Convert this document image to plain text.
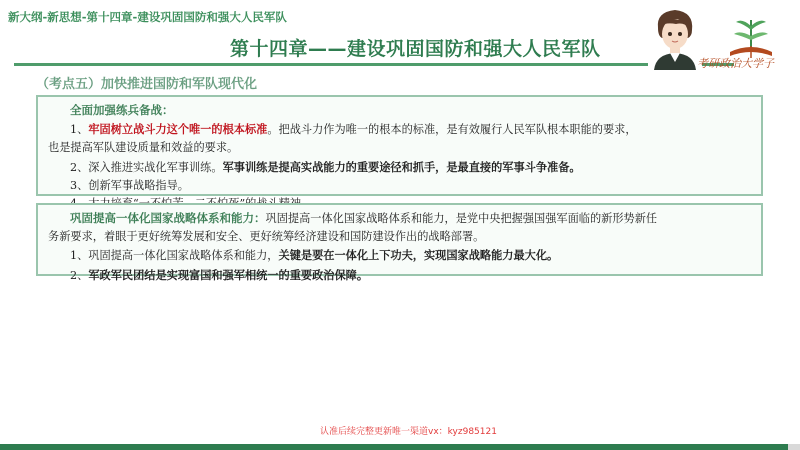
新大纲-新思想-第十四章-建设巩固国防和强大人民军队
第十四章——建设巩固国防和强大人民军队
考研政治大学子
（考点五）加快推进国防和军队现代化
全面加强练兵备战：
1、牢固树立战斗力这个唯一的根本标准。把战斗力作为唯一的根本的标准，是有效履行人民军队根本职能的要求，
也是提高军队建设质量和效益的要求。
2、深入推进实战化军事训练。军事训练是提高实战能力的重要途径和抓手，是最直接的军事斗争准备。
3、创新军事战略指导。
巩固提高一体化国家战略体系和能力：巩固提高一体化国家战略体系和能力，是党中央把握强国强军面临的新形势新任
务新要求，着眼于更好统筹发展和安全、更好统筹经济建设和国防建设作出的战略部署。
1、巩固提高一体化国家战略体系和能力，关键是要在一体化上下功夫，实现国家战略能力最大化。
2、军政军民团结是实现富国和强军相统一的重要政治保障。
认准后续完整更新唯一渠道vx：kyz985121
